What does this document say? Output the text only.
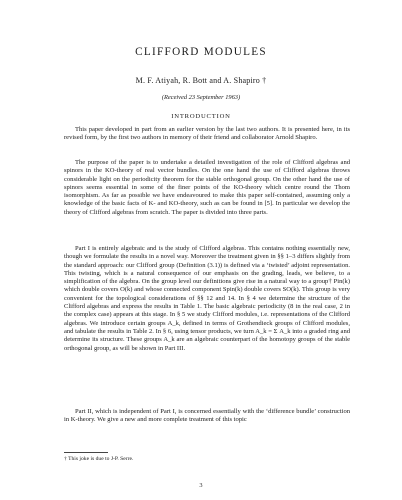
CLIFFORD MODULES
M. F. Atiyah, R. Bott and A. Shapiro †
(Received 23 September 1963)
INTRODUCTION

This paper developed in part from an earlier version by the last two authors. It is presented here, in its revised form, by the first two authors in memory of their friend and collaborator Arnold Shapiro.

The purpose of the paper is to undertake a detailed investigation of the role of Clifford algebras and spinors in the KO-theory of real vector bundles. On the one hand the use of Clifford algebras throws considerable light on the periodicity theorem for the stable orthogonal group. On the other hand the use of spinors seems essential in some of the finer points of the KO-theory which centre round the Thom isomorphism. As far as possible we have endeavoured to make this paper self-contained, assuming only a knowledge of the basic facts of K- and KO-theory, such as can be found in [5]. In particular we develop the theory of Clifford algebras from scratch. The paper is divided into three parts.

Part I is entirely algebraic and is the study of Clifford algebras. This contains nothing essentially new, though we formulate the results in a novel way. Moreover the treatment given in §§ 1–3 differs slightly from the standard approach: our Clifford group (Definition (3.1)) is defined via a ‘twisted’ adjoint representation. This twisting, which is a natural consequence of our emphasis on the grading, leads, we believe, to a simplification of the algebra. On the group level our definitions give rise in a natural way to a group† Pin(k) which double covers O(k) and whose connected component Spin(k) double covers SO(k). This group is very convenient for the topological considerations of §§ 12 and 14. In § 4 we determine the structure of the Clifford algebras and express the results in Table 1. The basic algebraic periodicity (8 in the real case, 2 in the complex case) appears at this stage. In § 5 we study Clifford modules, i.e. representations of the Clifford algebras. We introduce certain groups A_k, defined in terms of Grothendieck groups of Clifford modules, and tabulate the results in Table 2. In § 6, using tensor products, we turn A_k = Σ A_k into a graded ring and determine its structure. These groups A_k are an algebraic counterpart of the homotopy groups of the stable orthogonal group, as will be shown in Part III.

Part II, which is independent of Part I, is concerned essentially with the ‘difference bundle’ construction in K-theory. We give a new and more complete treatment of this topic

† This joke is due to J-P. Serre.
3
